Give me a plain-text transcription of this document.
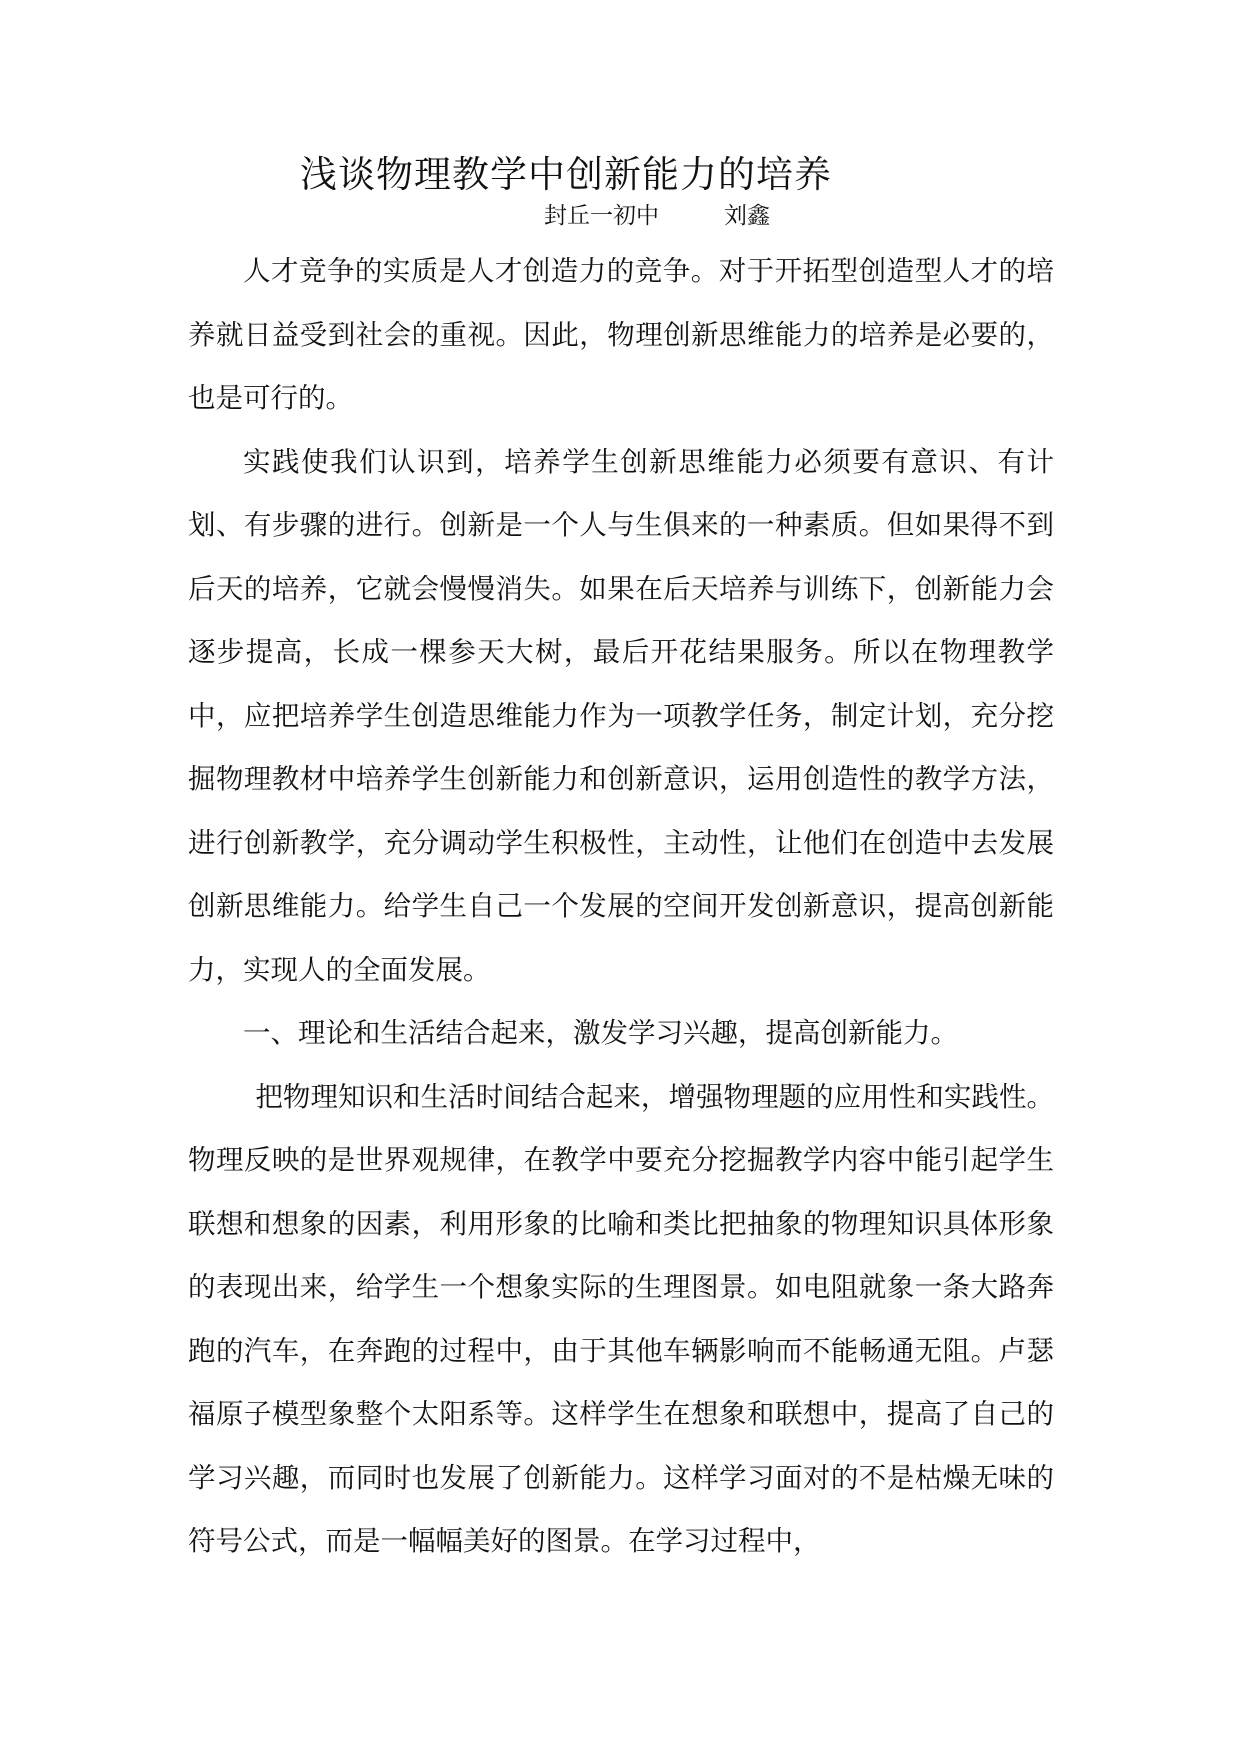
浅谈物理教学中创新能力的培养
封丘一初中	刘鑫

人才竞争的实质是人才创造力的竞争。对于开拓型创造型人才的培养就日益受到社会的重视。因此，物理创新思维能力的培养是必要的，也是可行的。

实践使我们认识到，培养学生创新思维能力必须要有意识、有计划、有步骤的进行。创新是一个人与生俱来的一种素质。但如果得不到后天的培养，它就会慢慢消失。如果在后天培养与训练下，创新能力会逐步提高，长成一棵参天大树，最后开花结果服务。所以在物理教学中，应把培养学生创造思维能力作为一项教学任务，制定计划，充分挖掘物理教材中培养学生创新能力和创新意识，运用创造性的教学方法，进行创新教学，充分调动学生积极性，主动性，让他们在创造中去发展创新思维能力。给学生自己一个发展的空间开发创新意识，提高创新能力，实现人的全面发展。

一、理论和生活结合起来，激发学习兴趣，提高创新能力。

把物理知识和生活时间结合起来，增强物理题的应用性和实践性。物理反映的是世界观规律，在教学中要充分挖掘教学内容中能引起学生联想和想象的因素，利用形象的比喻和类比把抽象的物理知识具体形象的表现出来，给学生一个想象实际的生理图景。如电阻就象一条大路奔跑的汽车，在奔跑的过程中，由于其他车辆影响而不能畅通无阻。卢瑟福原子模型象整个太阳系等。这样学生在想象和联想中，提高了自己的学习兴趣，而同时也发展了创新能力。这样学习面对的不是枯燥无味的符号公式，而是一幅幅美好的图景。在学习过程中，
